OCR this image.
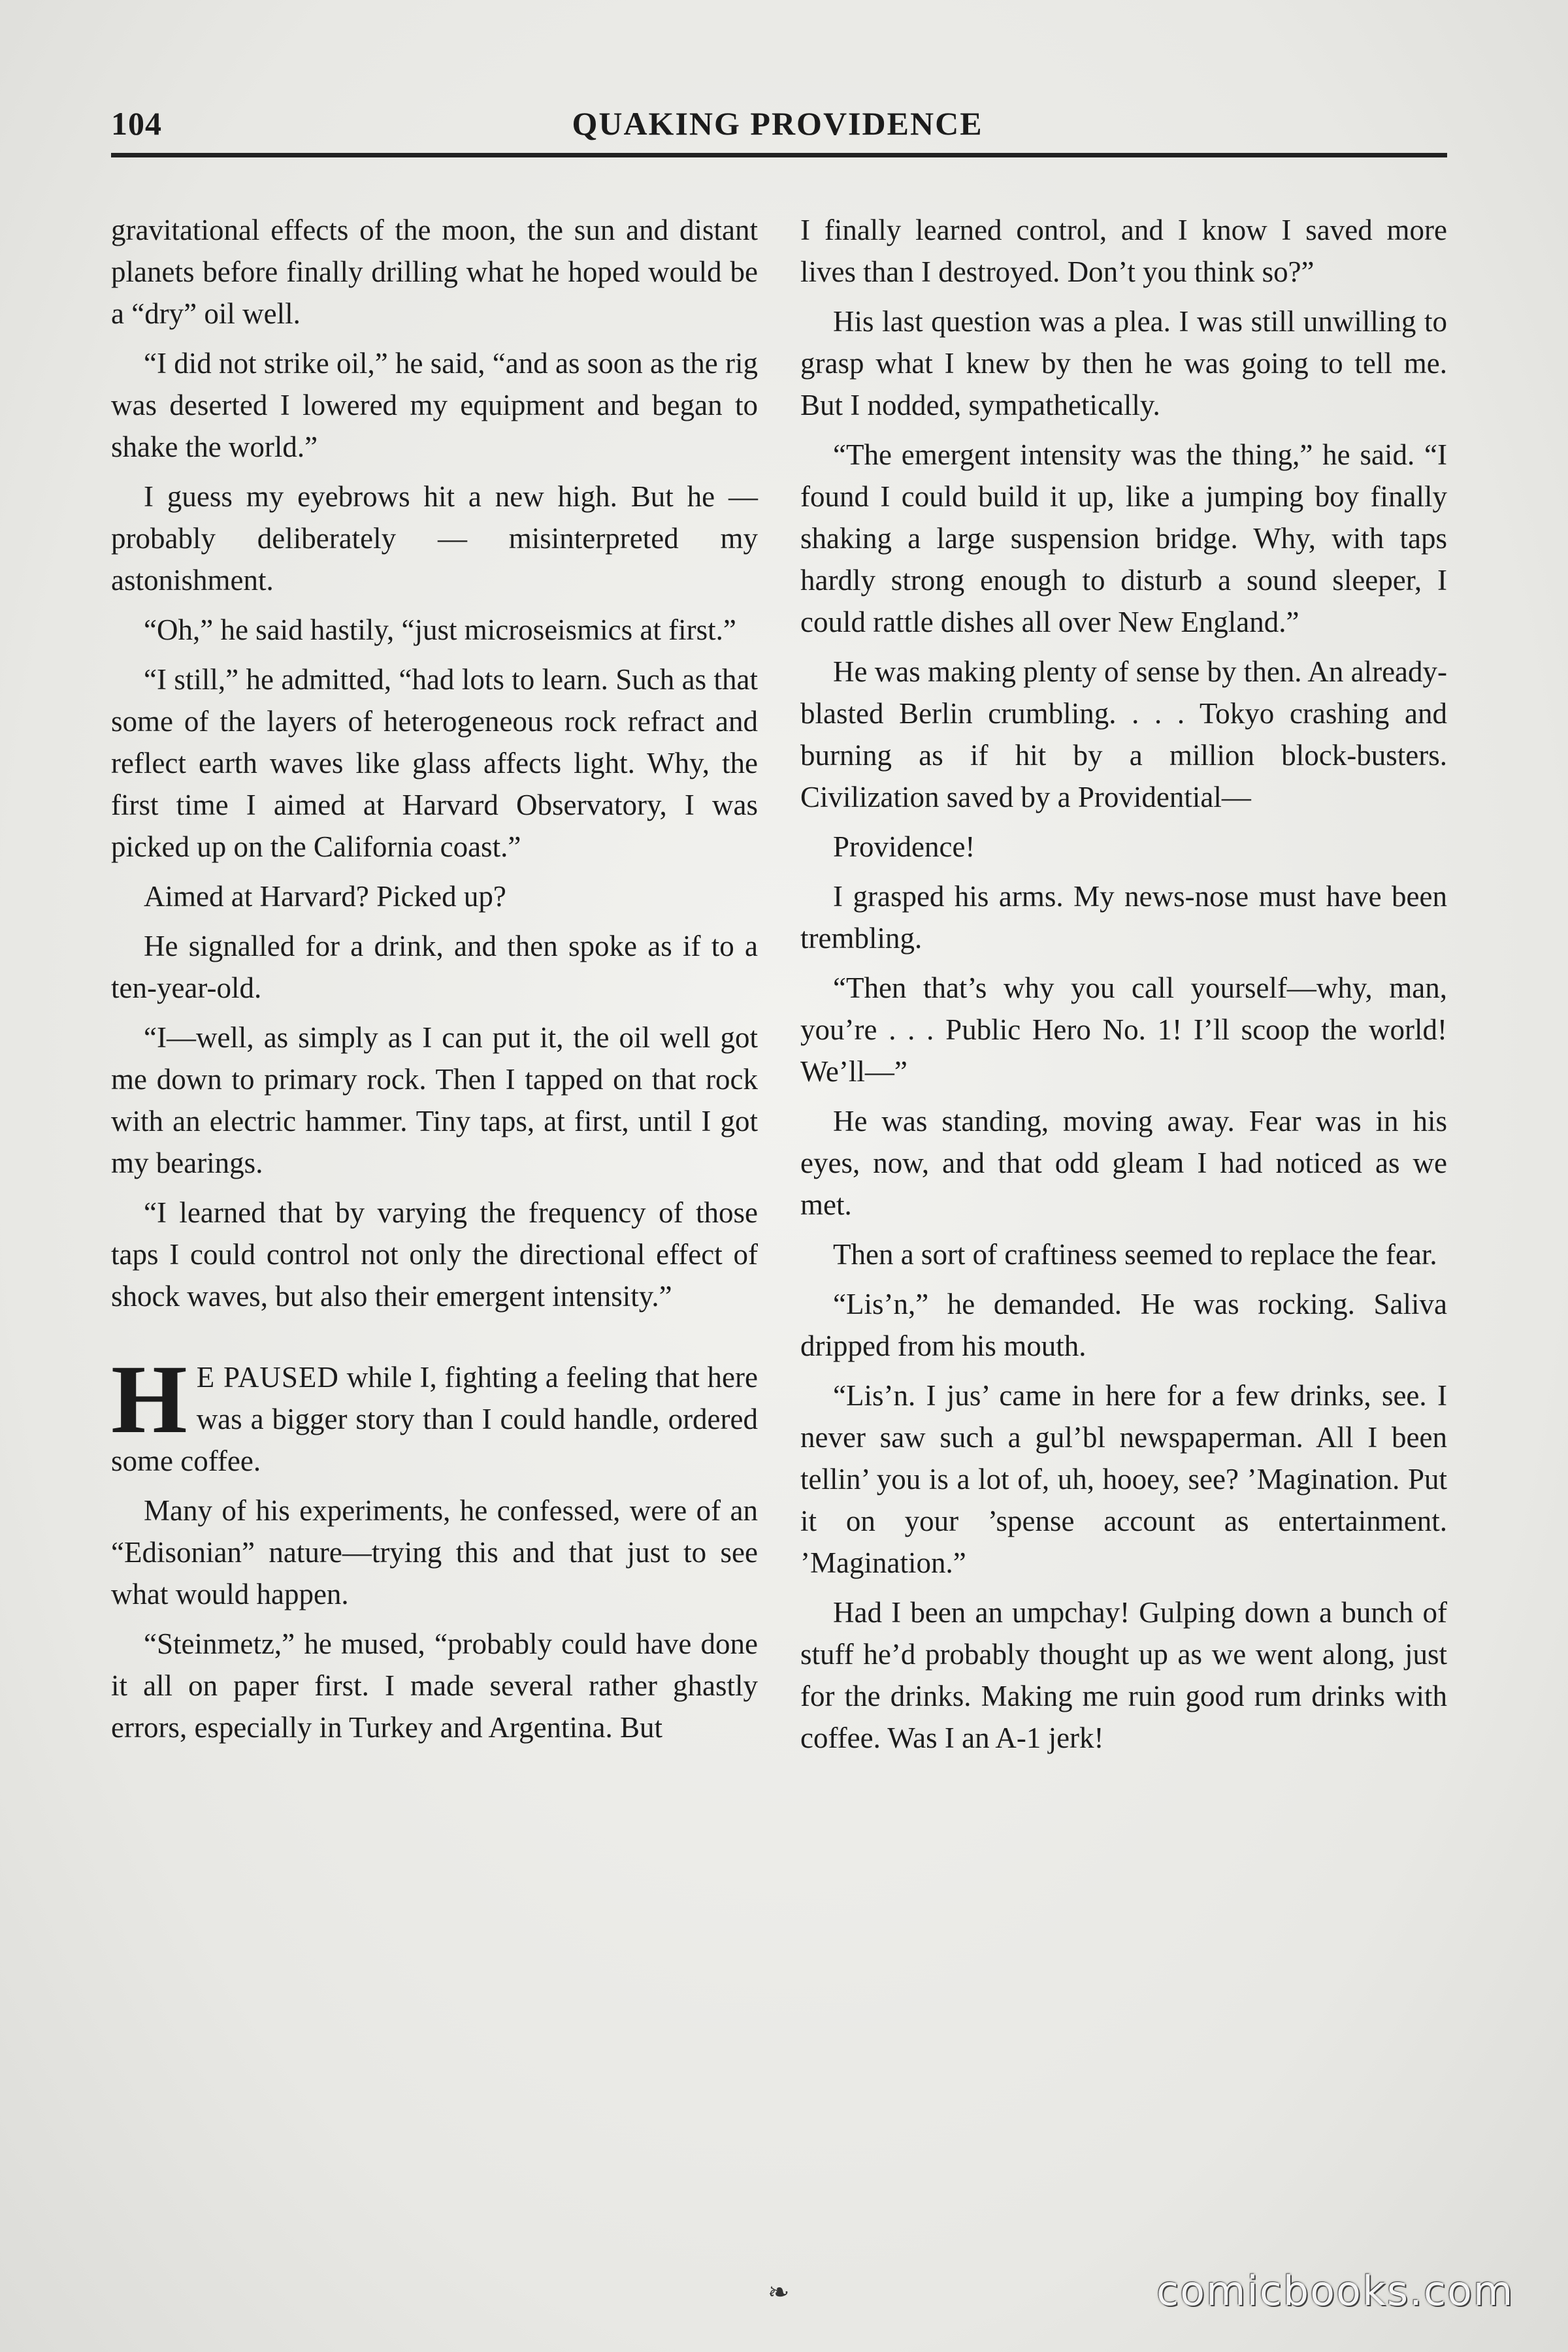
104	QUAKING PROVIDENCE

gravitational effects of the moon, the sun and distant planets before finally drilling what he hoped would be a “dry” oil well.

“I did not strike oil,” he said, “and as soon as the rig was deserted I lowered my equipment and began to shake the world.”

I guess my eyebrows hit a new high. But he — probably deliberately — misinterpreted my astonishment.

“Oh,” he said hastily, “just microseismics at first.”

“I still,” he admitted, “had lots to learn. Such as that some of the layers of heterogeneous rock refract and reflect earth waves like glass affects light. Why, the first time I aimed at Harvard Observatory, I was picked up on the California coast.”

Aimed at Harvard? Picked up?

He signalled for a drink, and then spoke as if to a ten-year-old.

“I—well, as simply as I can put it, the oil well got me down to primary rock. Then I tapped on that rock with an electric hammer. Tiny taps, at first, until I got my bearings.

“I learned that by varying the frequency of those taps I could control not only the directional effect of shock waves, but also their emergent intensity.”

H E PAUSED while I, fighting a feeling that here was a bigger story than I could handle, ordered some coffee.

Many of his experiments, he confessed, were of an “Edisonian” nature—trying this and that just to see what would happen.

“Steinmetz,” he mused, “probably could have done it all on paper first. I made several rather ghastly errors, especially in Turkey and Argentina. But

I finally learned control, and I know I saved more lives than I destroyed. Don’t you think so?”

His last question was a plea. I was still unwilling to grasp what I knew by then he was going to tell me. But I nodded, sympathetically.

“The emergent intensity was the thing,” he said. “I found I could build it up, like a jumping boy finally shaking a large suspension bridge. Why, with taps hardly strong enough to disturb a sound sleeper, I could rattle dishes all over New England.”

He was making plenty of sense by then. An already-blasted Berlin crumbling. . . . Tokyo crashing and burning as if hit by a million block-busters. Civilization saved by a Providential—

Providence!

I grasped his arms. My news-nose must have been trembling.

“Then that’s why you call yourself—why, man, you’re . . . Public Hero No. 1! I’ll scoop the world! We’ll—”

He was standing, moving away. Fear was in his eyes, now, and that odd gleam I had noticed as we met.

Then a sort of craftiness seemed to replace the fear.

“Lis’n,” he demanded. He was rocking. Saliva dripped from his mouth.

“Lis’n. I jus’ came in here for a few drinks, see. I never saw such a gul’bl newspaperman. All I been tellin’ you is a lot of, uh, hooey, see? ’Magination. Put it on your ’spense account as entertainment. ’Magination.”

Had I been an umpchay! Gulping down a bunch of stuff he’d probably thought up as we went along, just for the drinks. Making me ruin good rum drinks with coffee. Was I an A-1 jerk!

❧	comicbooks.com
